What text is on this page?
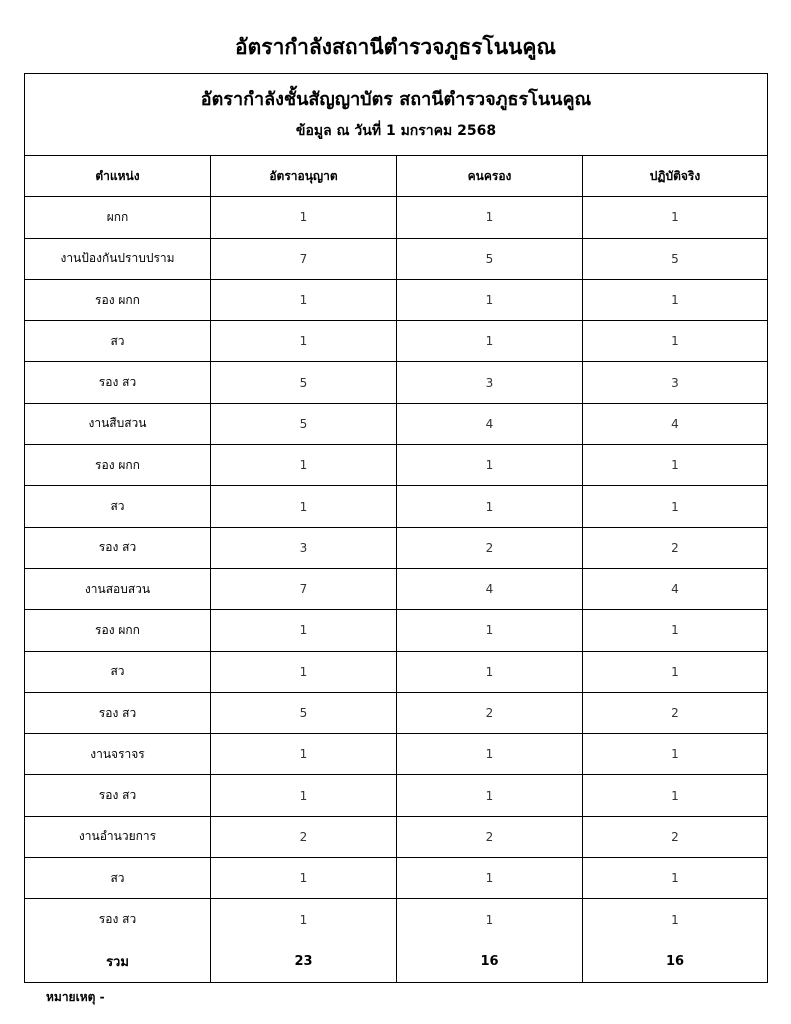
อัตรากำลังสถานีตำรวจภูธรโนนคูณ
อัตรากำลังชั้นสัญญาบัตร สถานีตำรวจภูธรโนนคูณ
ข้อมูล ณ วันที่ 1 มกราคม 2568
ตำแหน่ง	อัตราอนุญาต	คนครอง	ปฏิบัติจริง
ผกก	1	1	1
งานป้องกันปราบปราม	7	5	5
รอง ผกก	1	1	1
สว	1	1	1
รอง สว	5	3	3
งานสืบสวน	5	4	4
รอง ผกก	1	1	1
สว	1	1	1
รอง สว	3	2	2
งานสอบสวน	7	4	4
รอง ผกก	1	1	1
สว	1	1	1
รอง สว	5	2	2
งานจราจร	1	1	1
รอง สว	1	1	1
งานอำนวยการ	2	2	2
สว	1	1	1
รอง สว	1	1	1
รวม	23	16	16
หมายเหตุ -
